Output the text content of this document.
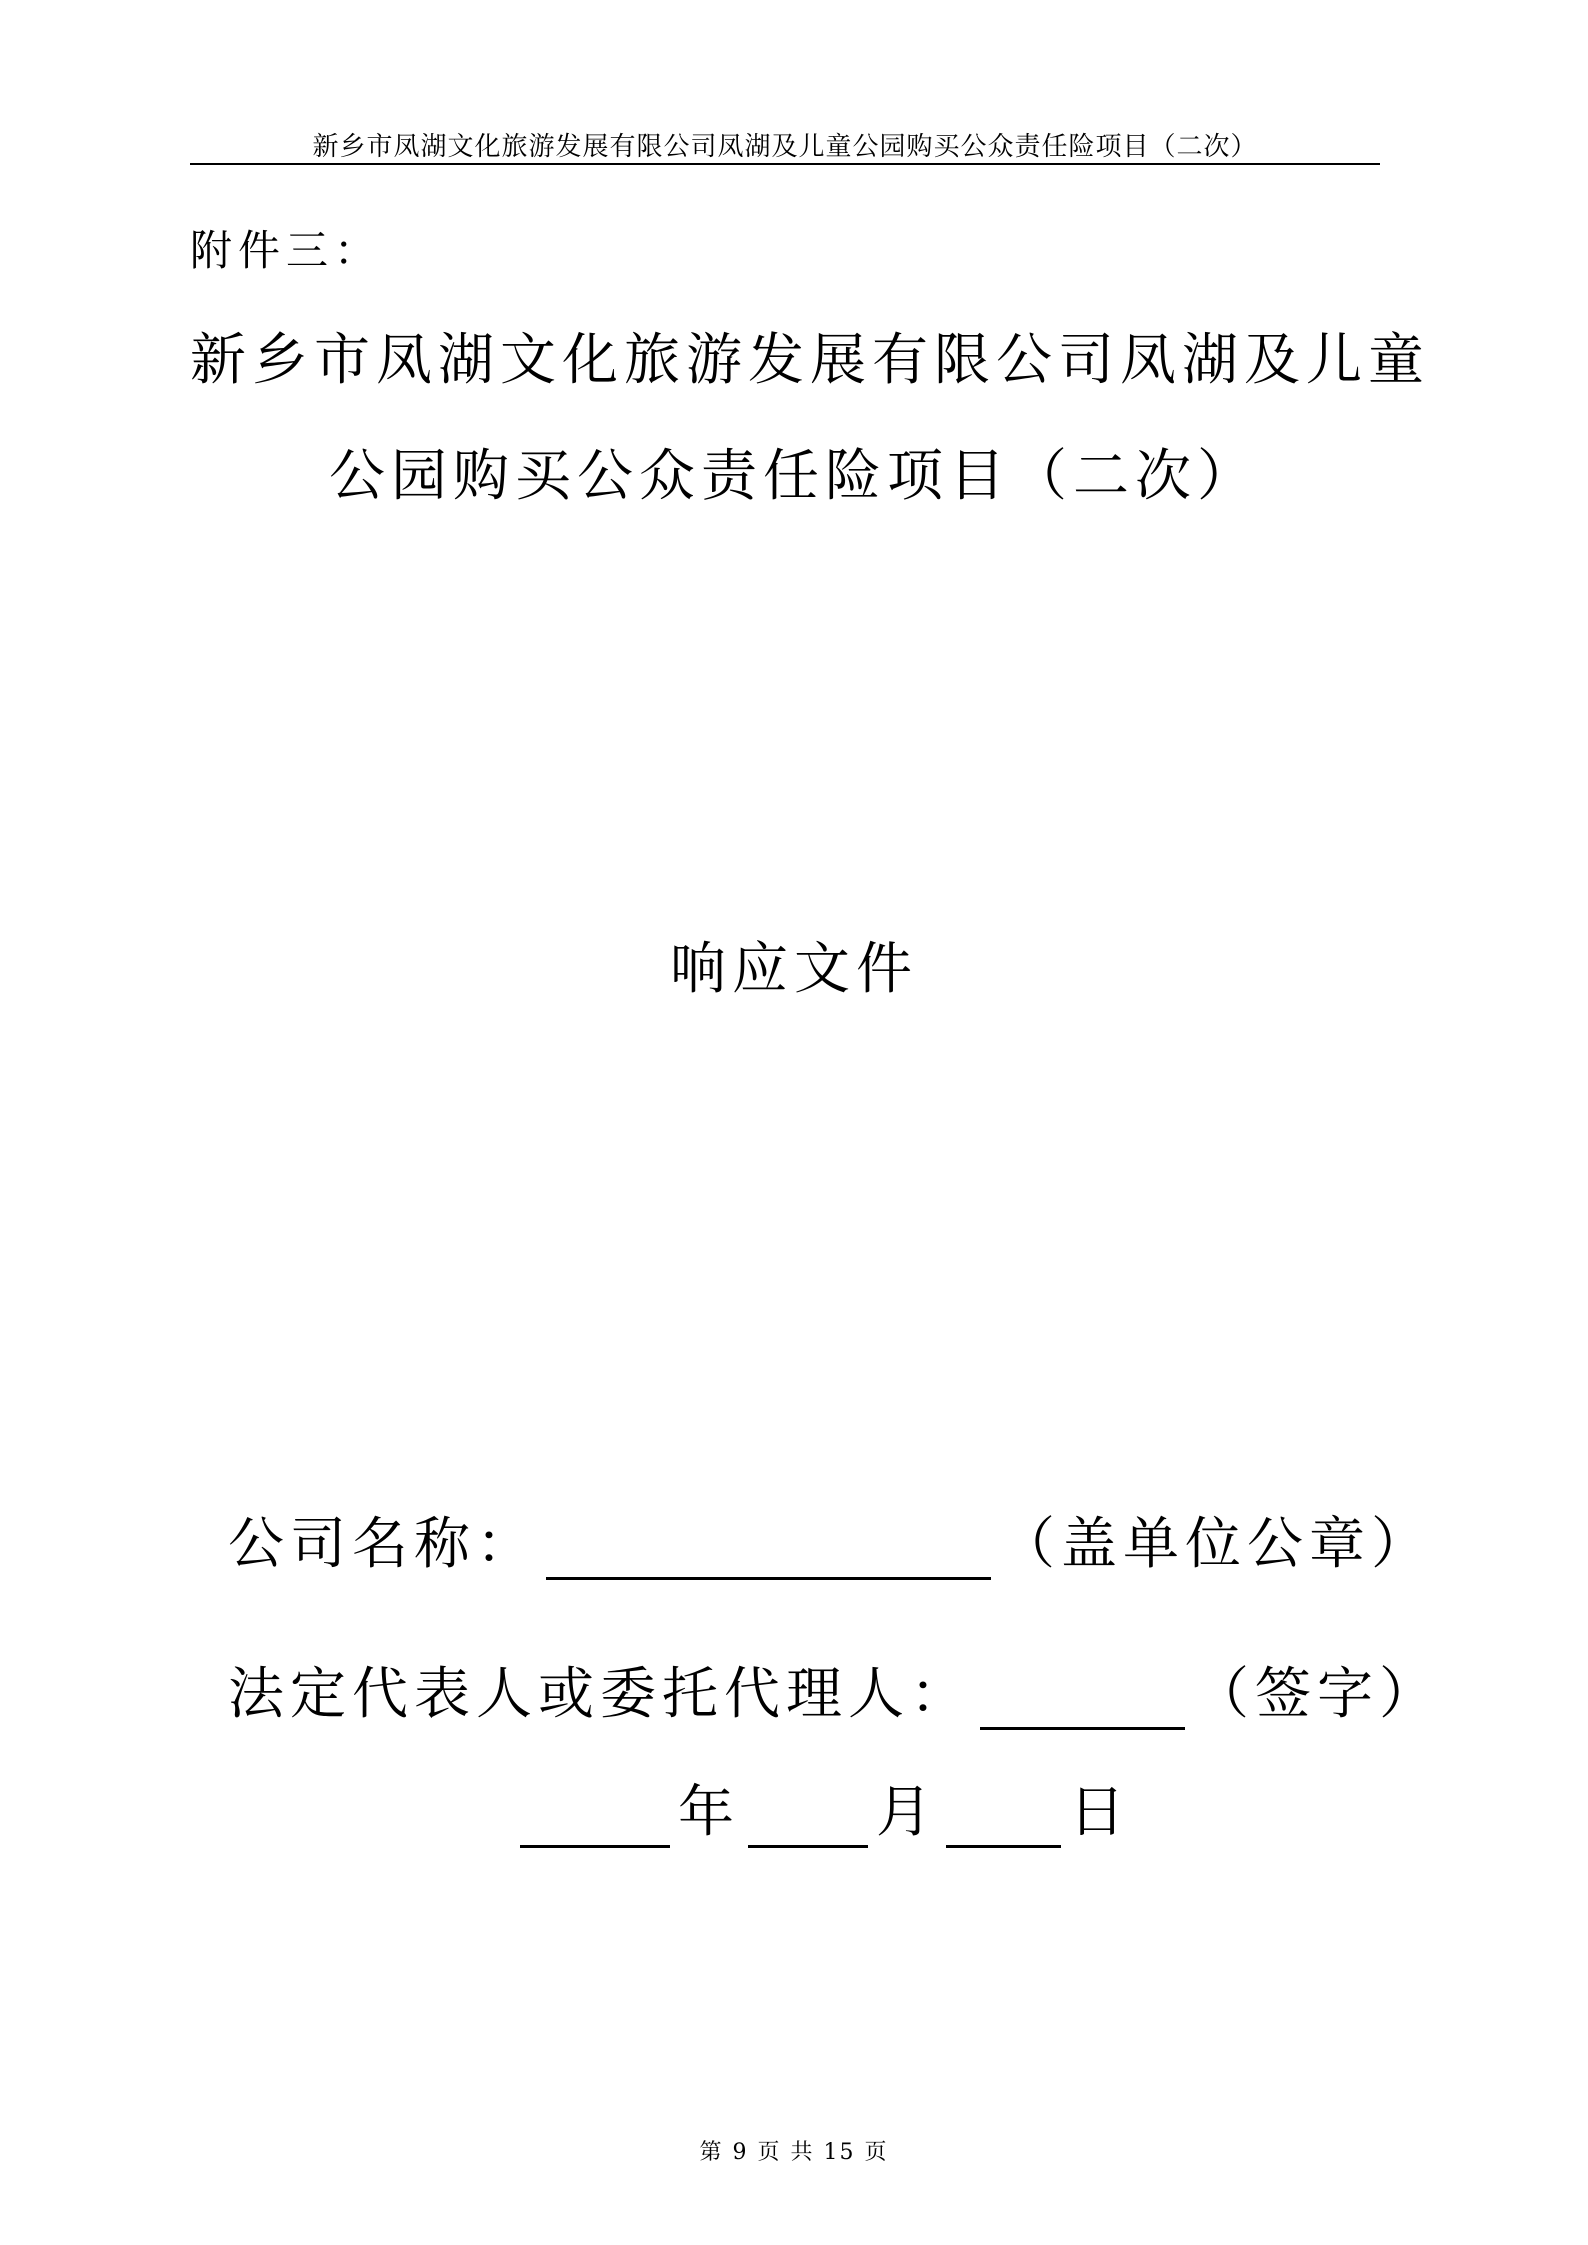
新乡市凤湖文化旅游发展有限公司凤湖及儿童公园购买公众责任险项目（二次）
附件三：
新乡市凤湖文化旅游发展有限公司凤湖及儿童
公园购买公众责任险项目（二次）
响应文件
公司名称：	（盖单位公章）
法定代表人或委托代理人：	（签字）
年 月 日
第 9 页 共 15 页
